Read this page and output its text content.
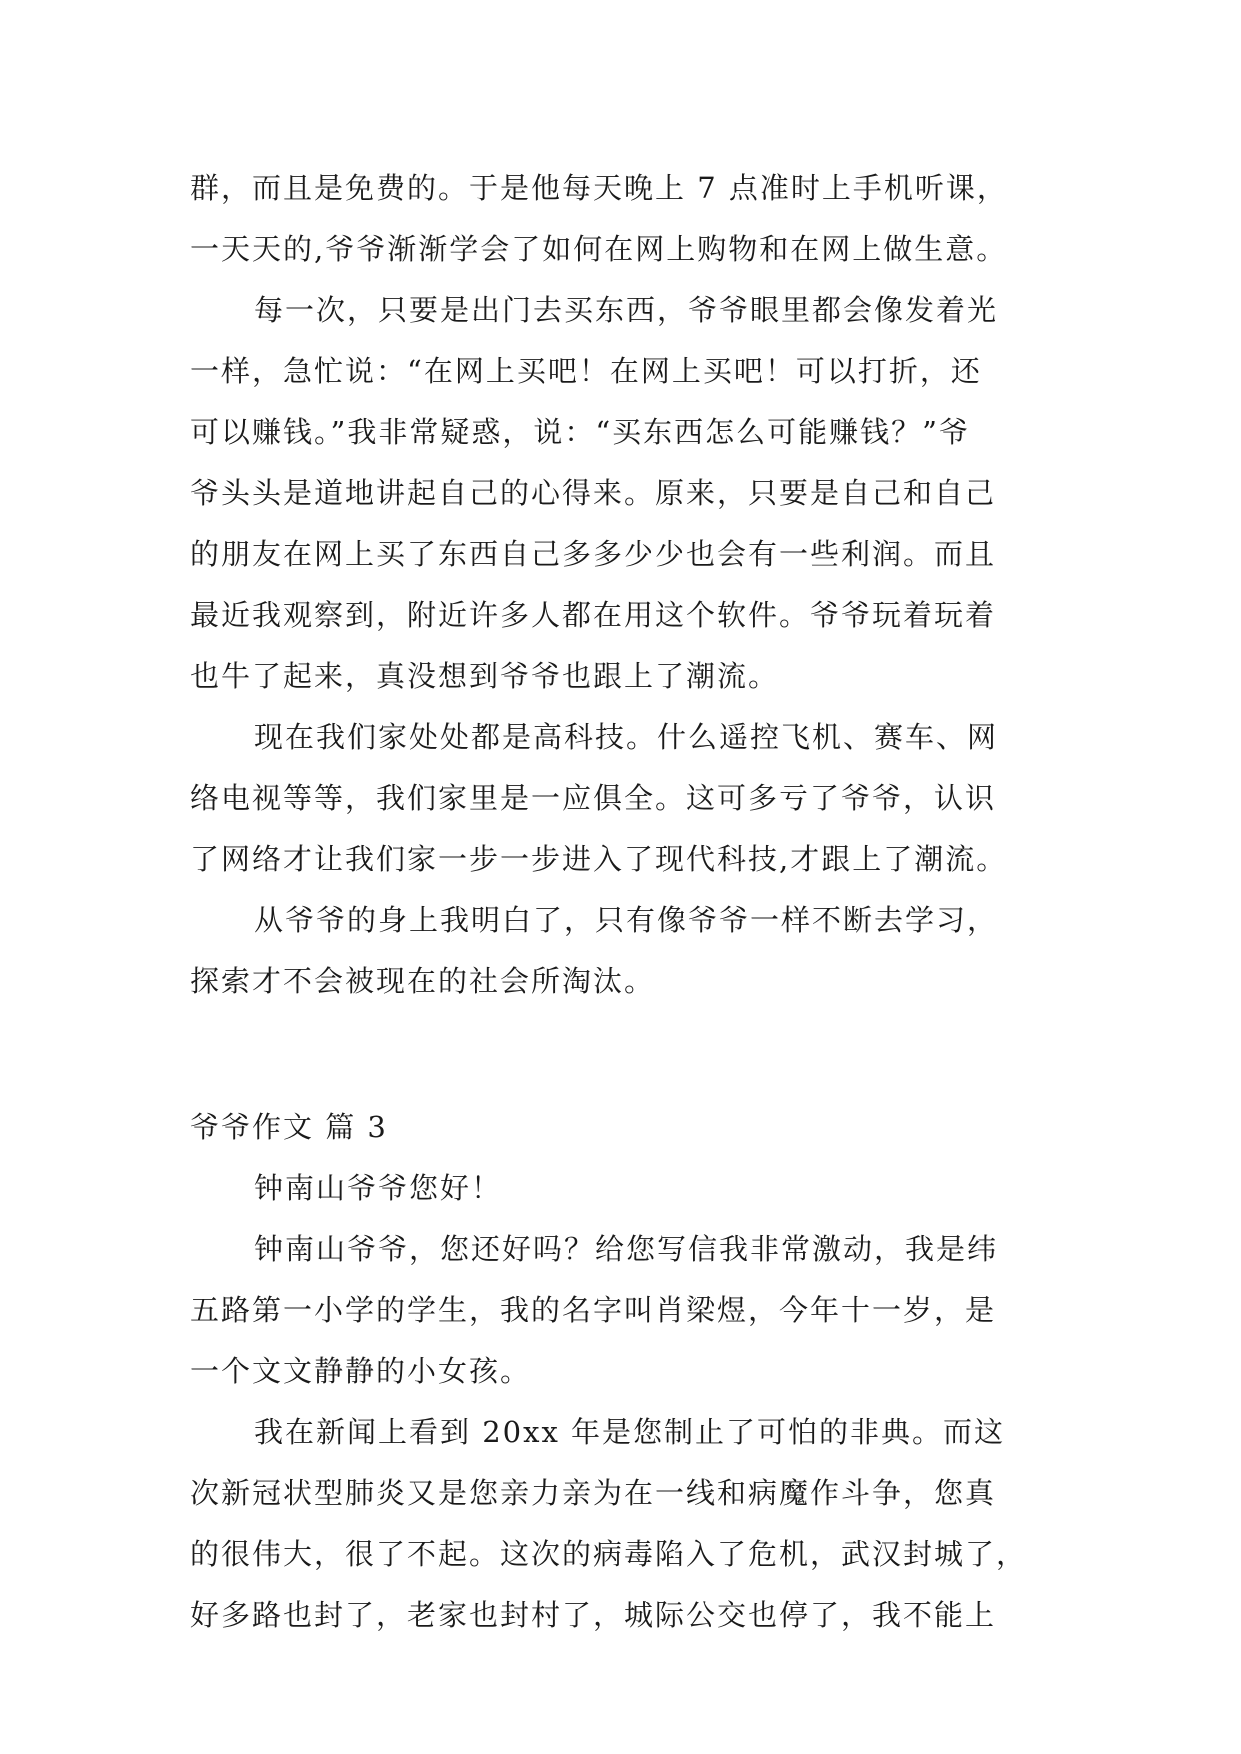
群，而且是免费的。于是他每天晚上 7 点准时上手机听课，
一天天的,爷爷渐渐学会了如何在网上购物和在网上做生意。
每一次，只要是出门去买东西，爷爷眼里都会像发着光
一样，急忙说：“在网上买吧！在网上买吧！可以打折，还
可以赚钱。”我非常疑惑，说：“买东西怎么可能赚钱？”爷
爷头头是道地讲起自己的心得来。原来，只要是自己和自己
的朋友在网上买了东西自己多多少少也会有一些利润。而且
最近我观察到，附近许多人都在用这个软件。爷爷玩着玩着
也牛了起来，真没想到爷爷也跟上了潮流。
现在我们家处处都是高科技。什么遥控飞机、赛车、网
络电视等等，我们家里是一应俱全。这可多亏了爷爷，认识
了网络才让我们家一步一步进入了现代科技,才跟上了潮流。
从爷爷的身上我明白了，只有像爷爷一样不断去学习，
探索才不会被现在的社会所淘汰。
爷爷作文 篇 3
钟南山爷爷您好！
钟南山爷爷，您还好吗？给您写信我非常激动，我是纬
五路第一小学的学生，我的名字叫肖梁煜，今年十一岁，是
一个文文静静的小女孩。
我在新闻上看到 20xx 年是您制止了可怕的非典。而这
次新冠状型肺炎又是您亲力亲为在一线和病魔作斗争，您真
的很伟大，很了不起。这次的病毒陷入了危机，武汉封城了，
好多路也封了，老家也封村了，城际公交也停了，我不能上
